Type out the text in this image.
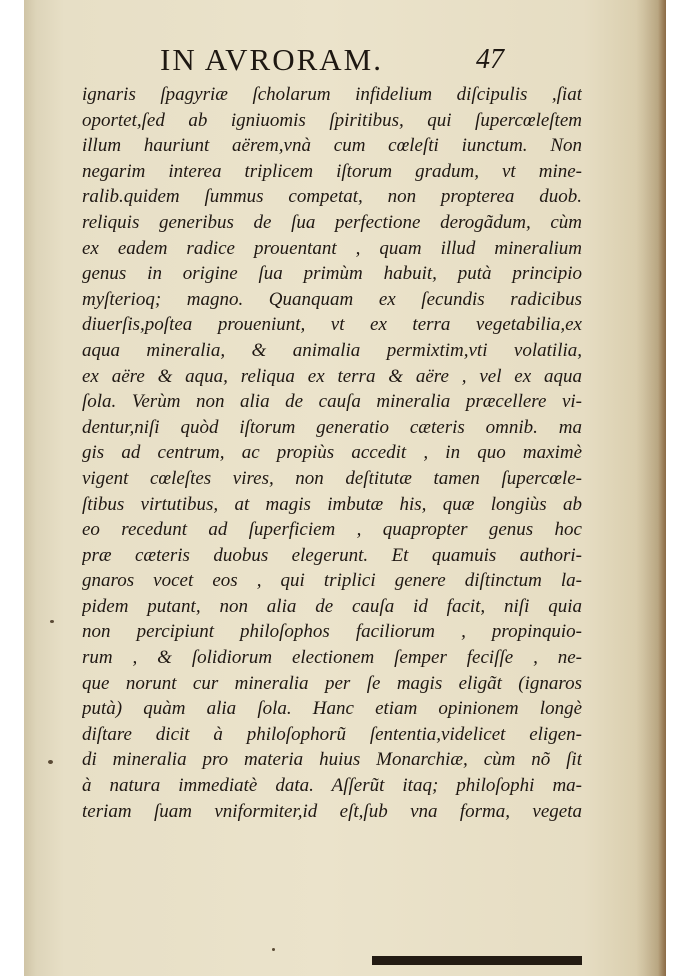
IN AVRORAM.	47
ignaris ſpagyriæ ſcholarum infidelium diſcipulis ,ſiat
oportet,ſed ab igniuomis ſpiritibus, qui ſupercœleſtem
illum hauriunt aërem,vnà cum cœleſti iunctum. Non
negarim interea triplicem iſtorum gradum, vt mine-
ralib.quidem ſummus competat, non propterea duob.
reliquis generibus de ſua perfectione derogãdum, cùm
ex eadem radice prouentant , quam illud mineralium
genus in origine ſua primùm habuit, putà principio
myſterioq; magno. Quanquam ex ſecundis radicibus
diuerſis,poſtea proueniunt, vt ex terra vegetabilia,ex
aqua mineralia, & animalia permixtim,vti volatilia,
ex aëre & aqua, reliqua ex terra & aëre , vel ex aqua
ſola. Verùm non alia de cauſa mineralia præcellere vi-
dentur,niſi quòd iſtorum generatio cæteris omnib. ma
gis ad centrum, ac propiùs accedit , in quo maximè
vigent cœleſtes vires, non deſtitutæ tamen ſupercœle-
ſtibus virtutibus, at magis imbutæ his, quæ longiùs ab
eo recedunt ad ſuperficiem , quapropter genus hoc
præ cæteris duobus elegerunt. Et quamuis authori-
gnaros vocet eos , qui triplici genere diſtinctum la-
pidem putant, non alia de cauſa id facit, niſi quia
non percipiunt philoſophos faciliorum , propinquio-
rum , & ſolidiorum electionem ſemper feciſſe , ne-
que norunt cur mineralia per ſe magis eligãt (ignaros
putà) quàm alia ſola. Hanc etiam opinionem longè
diſtare dicit à philoſophorũ ſententia,videlicet eligen-
di mineralia pro materia huius Monarchiæ, cùm nõ ſit
à natura immediatè data. Aſſerũt itaq; philoſophi ma-
teriam ſuam vniformiter,id eſt,ſub vna forma, vegeta
